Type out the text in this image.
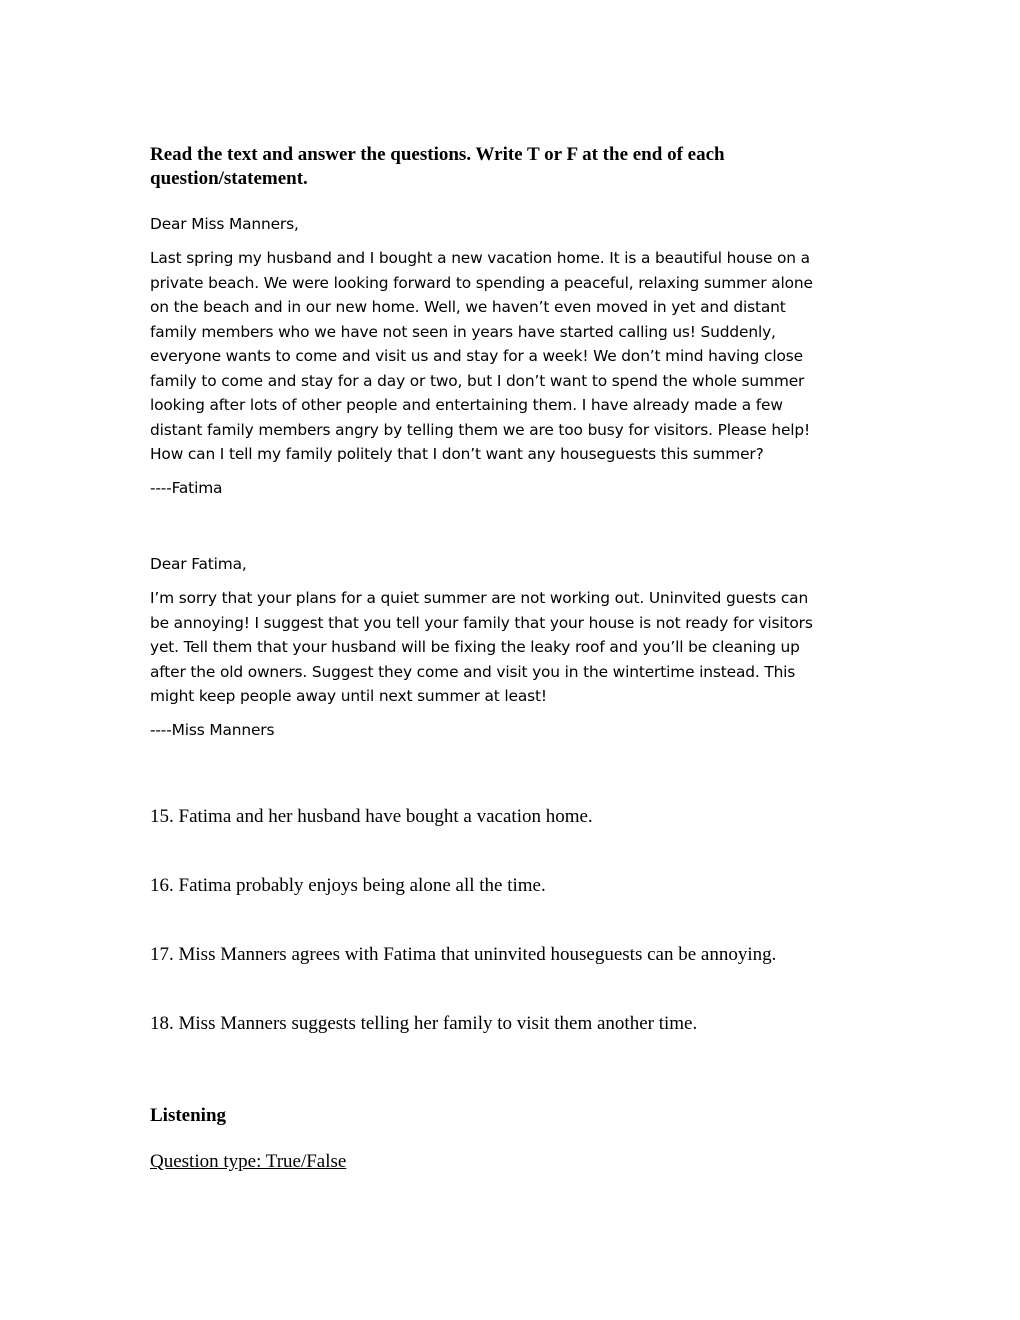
Read the text and answer the questions. Write T or F at the end of each
question/statement.
Dear Miss Manners,
Last spring my husband and I bought a new vacation home. It is a beautiful house on a
private beach. We were looking forward to spending a peaceful, relaxing summer alone
on the beach and in our new home. Well, we haven’t even moved in yet and distant
family members who we have not seen in years have started calling us! Suddenly,
everyone wants to come and visit us and stay for a week! We don’t mind having close
family to come and stay for a day or two, but I don’t want to spend the whole summer
looking after lots of other people and entertaining them. I have already made a few
distant family members angry by telling them we are too busy for visitors. Please help!
How can I tell my family politely that I don’t want any houseguests this summer?
----Fatima
Dear Fatima,
I’m sorry that your plans for a quiet summer are not working out. Uninvited guests can
be annoying! I suggest that you tell your family that your house is not ready for visitors
yet. Tell them that your husband will be fixing the leaky roof and you’ll be cleaning up
after the old owners. Suggest they come and visit you in the wintertime instead. This
might keep people away until next summer at least!
----Miss Manners
15. Fatima and her husband have bought a vacation home.
16. Fatima probably enjoys being alone all the time.
17. Miss Manners agrees with Fatima that uninvited houseguests can be annoying.
18. Miss Manners suggests telling her family to visit them another time.
Listening
Question type: True/False
